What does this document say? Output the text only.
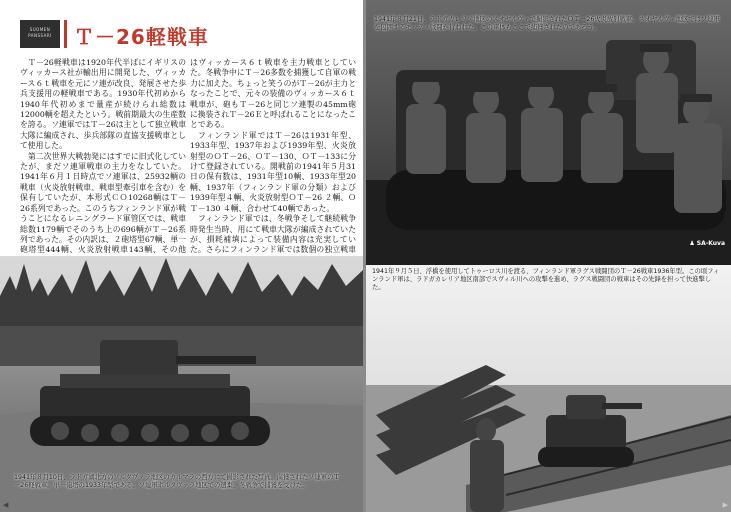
SUOMEN
PANSSARI	Ｔ－26軽戦車

Ｔ－26軽戦車は1920年代半ばにイギリスのヴィッカース社が輸出用に開発した、ヴィッカース６ｔ戦車を元にソ連が改良、発展させた歩兵支援用の軽戦車である。1930年代初めから1940年代初めまで量産が続けられ総数は12000輌を超えたという。戦前期最大の生産数を誇る。ソ連軍ではＴ－26は主として独立戦車大隊に編成され、歩兵部隊の直協支援戦車として使用した。

第二次世界大戦勃発にはすでに旧式化していたが、まだソ連軍戦車の主力をなしていた。1941年６月１日時点でソ連軍は、25932輌の戦車（火炎放射戦車、戦車型牽引車を含む）を保有していたが、本形式ＣＯ10268輌はＴ－26系列であった。このうちフィンランド軍が戦うことになるレニングラード軍管区では、戦車総数1179輌でそのうち上の696輌がＴ－26系列であった。その内訳は、２砲塔型67輌、単一砲塔型444輌、火炎放射戦車143輌、その他

はヴィッカース６ｔ戦車を主力戦車としていた。冬戦争中にＴ－26多数を捕獲して自軍の戦力に加えた。ちょっと笑うのがＴ－26が主力となったことで、元々の装備のヴィッカース６ｔ戦車が、砲もＴ－26と同じソ連製の45mm砲に換装されＴ－26Ｅと呼ばれることになったことである。

フィンランド軍ではＴ－26は1931年型、1933年型、1937年および1939年型、火炎放射型のＯＴ－26、ＯＴ－130、ＯＴ－133に分けて登録されている。開戦前の1941年５月31日の保有数は、1931年型10輌、1933年型20輌、1937年（フィンランド軍の分類）および1939年型４輌、火炎放射型ＯＴ－26 ２輌、ＯＴ－130 ４輌、合わせて40輌であった。

フィンランド軍では、冬戦争そして継続戦争時発生当時、用にて戦車大隊が編成されていたが、損耗補填によって装備内容は充実していた。さらにフィンランド軍では数個の独立戦車

1941年８月10日、ラドガ湖北方のソルタヴァラ地区のカルマラの西方にて撮影された写真。鹵獲されたソ連軍のＴ－26軽戦車。単一砲塔の1933年型である。ソ連軍ホルタヴァラ地区での遺棄、冬戦争で捕獲を受けた。
◀
1941年８月21日、ラドガカレリア地区のスオヤルヴィで撮影されたＯＴ－26火炎放射戦車。スオヤルヴィ地区ではソ連軍を包囲するモッティ戦闘が行われた。この車体もここで捕獲されたのであろう。
♟ SA-Kuva
1941年９月５日、浮橋を使用してトゥーロス川を渡る、フィンランド軍ラグス戦闘団のＴ－26戦車1936年型。この頃フィンランド軍は、ラドガカレリア地区南部でスヴィル川への攻撃を進め、ラグス戦闘団の戦車はその先鋒を担って快進撃した。
▶
